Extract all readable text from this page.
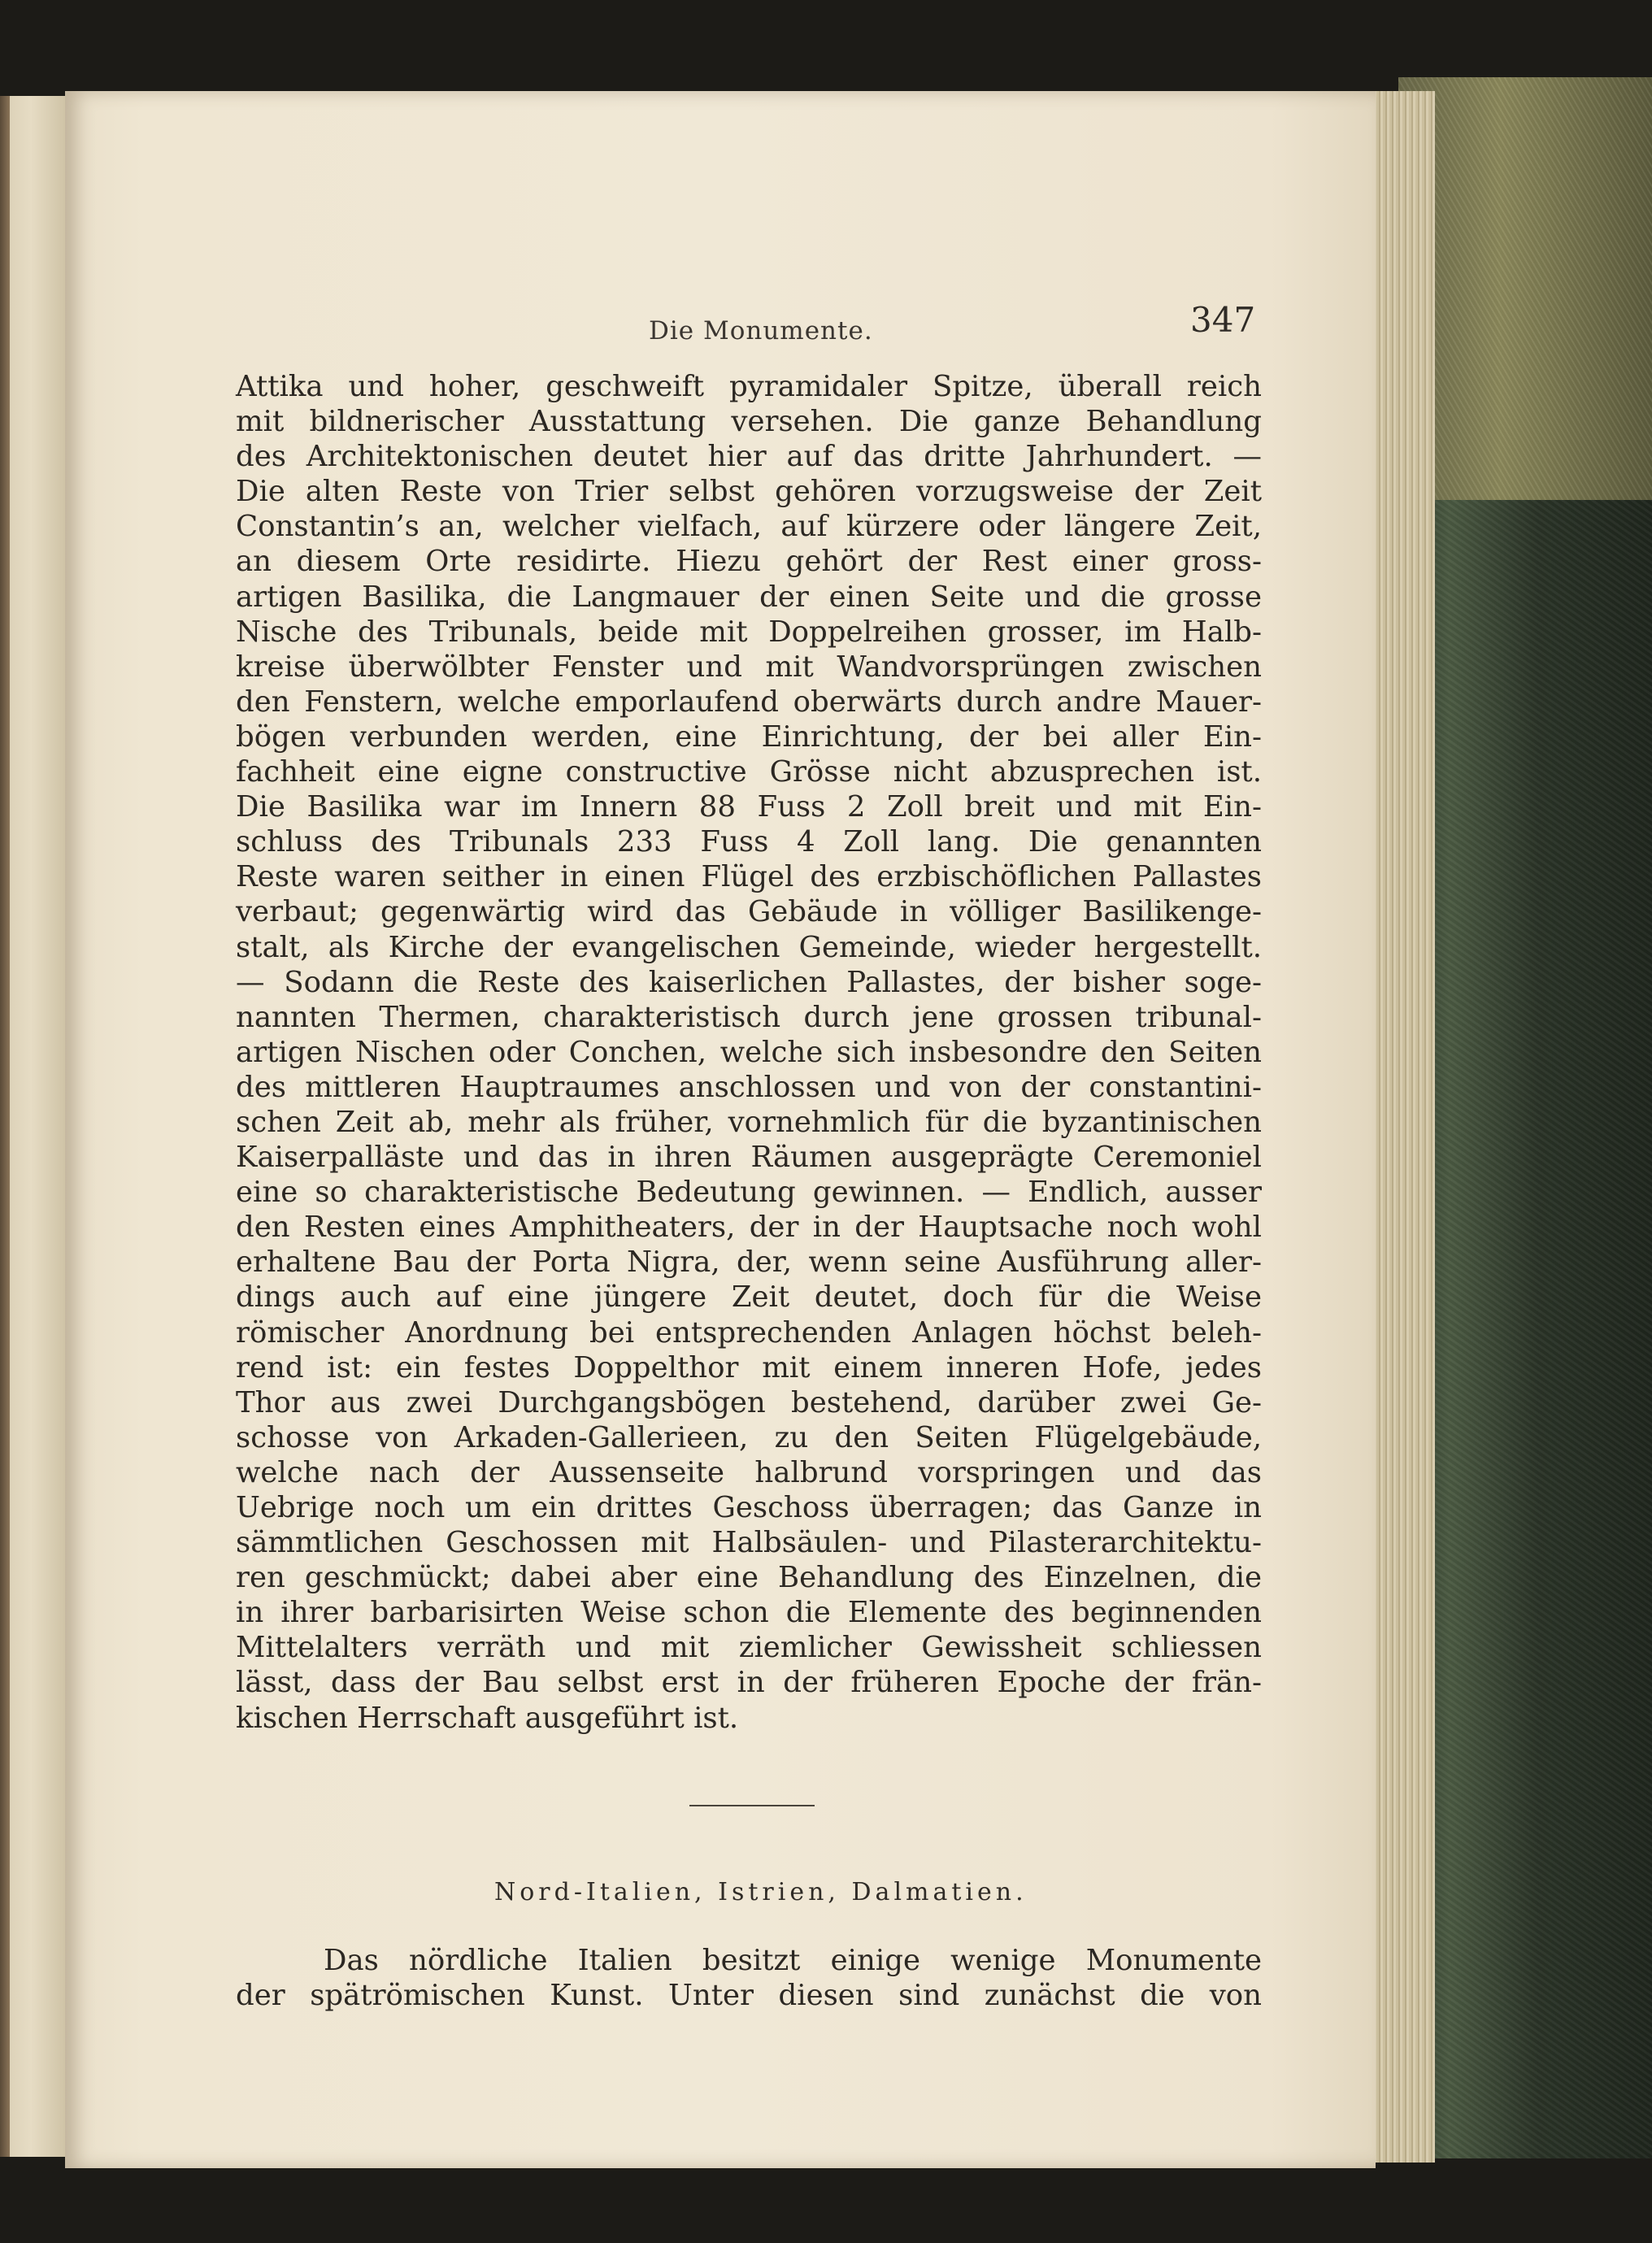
Die Monumente.	347
Attika und hoher, geschweift pyramidaler Spitze, überall reich
mit bildnerischer Ausstattung versehen. Die ganze Behandlung
des Architektonischen deutet hier auf das dritte Jahrhundert. —
Die alten Reste von Trier selbst gehören vorzugsweise der Zeit
Constantin’s an, welcher vielfach, auf kürzere oder längere Zeit,
an diesem Orte residirte. Hiezu gehört der Rest einer gross-
artigen Basilika, die Langmauer der einen Seite und die grosse
Nische des Tribunals, beide mit Doppelreihen grosser, im Halb-
kreise überwölbter Fenster und mit Wandvorsprüngen zwischen
den Fenstern, welche emporlaufend oberwärts durch andre Mauer-
bögen verbunden werden, eine Einrichtung, der bei aller Ein-
fachheit eine eigne constructive Grösse nicht abzusprechen ist.
Die Basilika war im Innern 88 Fuss 2 Zoll breit und mit Ein-
schluss des Tribunals 233 Fuss 4 Zoll lang. Die genannten
Reste waren seither in einen Flügel des erzbischöflichen Pallastes
verbaut; gegenwärtig wird das Gebäude in völliger Basilikenge-
stalt, als Kirche der evangelischen Gemeinde, wieder hergestellt.
— Sodann die Reste des kaiserlichen Pallastes, der bisher soge-
nannten Thermen, charakteristisch durch jene grossen tribunal-
artigen Nischen oder Conchen, welche sich insbesondre den Seiten
des mittleren Hauptraumes anschlossen und von der constantini-
schen Zeit ab, mehr als früher, vornehmlich für die byzantinischen
Kaiserpalläste und das in ihren Räumen ausgeprägte Ceremoniel
eine so charakteristische Bedeutung gewinnen. — Endlich, ausser
den Resten eines Amphitheaters, der in der Hauptsache noch wohl
erhaltene Bau der Porta Nigra, der, wenn seine Ausführung aller-
dings auch auf eine jüngere Zeit deutet, doch für die Weise
römischer Anordnung bei entsprechenden Anlagen höchst beleh-
rend ist: ein festes Doppelthor mit einem inneren Hofe, jedes
Thor aus zwei Durchgangsbögen bestehend, darüber zwei Ge-
schosse von Arkaden-Gallerieen, zu den Seiten Flügelgebäude,
welche nach der Aussenseite halbrund vorspringen und das
Uebrige noch um ein drittes Geschoss überragen; das Ganze in
sämmtlichen Geschossen mit Halbsäulen- und Pilasterarchitektu-
ren geschmückt; dabei aber eine Behandlung des Einzelnen, die
in ihrer barbarisirten Weise schon die Elemente des beginnenden
Mittelalters verräth und mit ziemlicher Gewissheit schliessen
lässt, dass der Bau selbst erst in der früheren Epoche der frän-
kischen Herrschaft ausgeführt ist.
Nord-Italien, Istrien, Dalmatien.
Das nördliche Italien besitzt einige wenige Monumente
der spätrömischen Kunst. Unter diesen sind zunächst die von
